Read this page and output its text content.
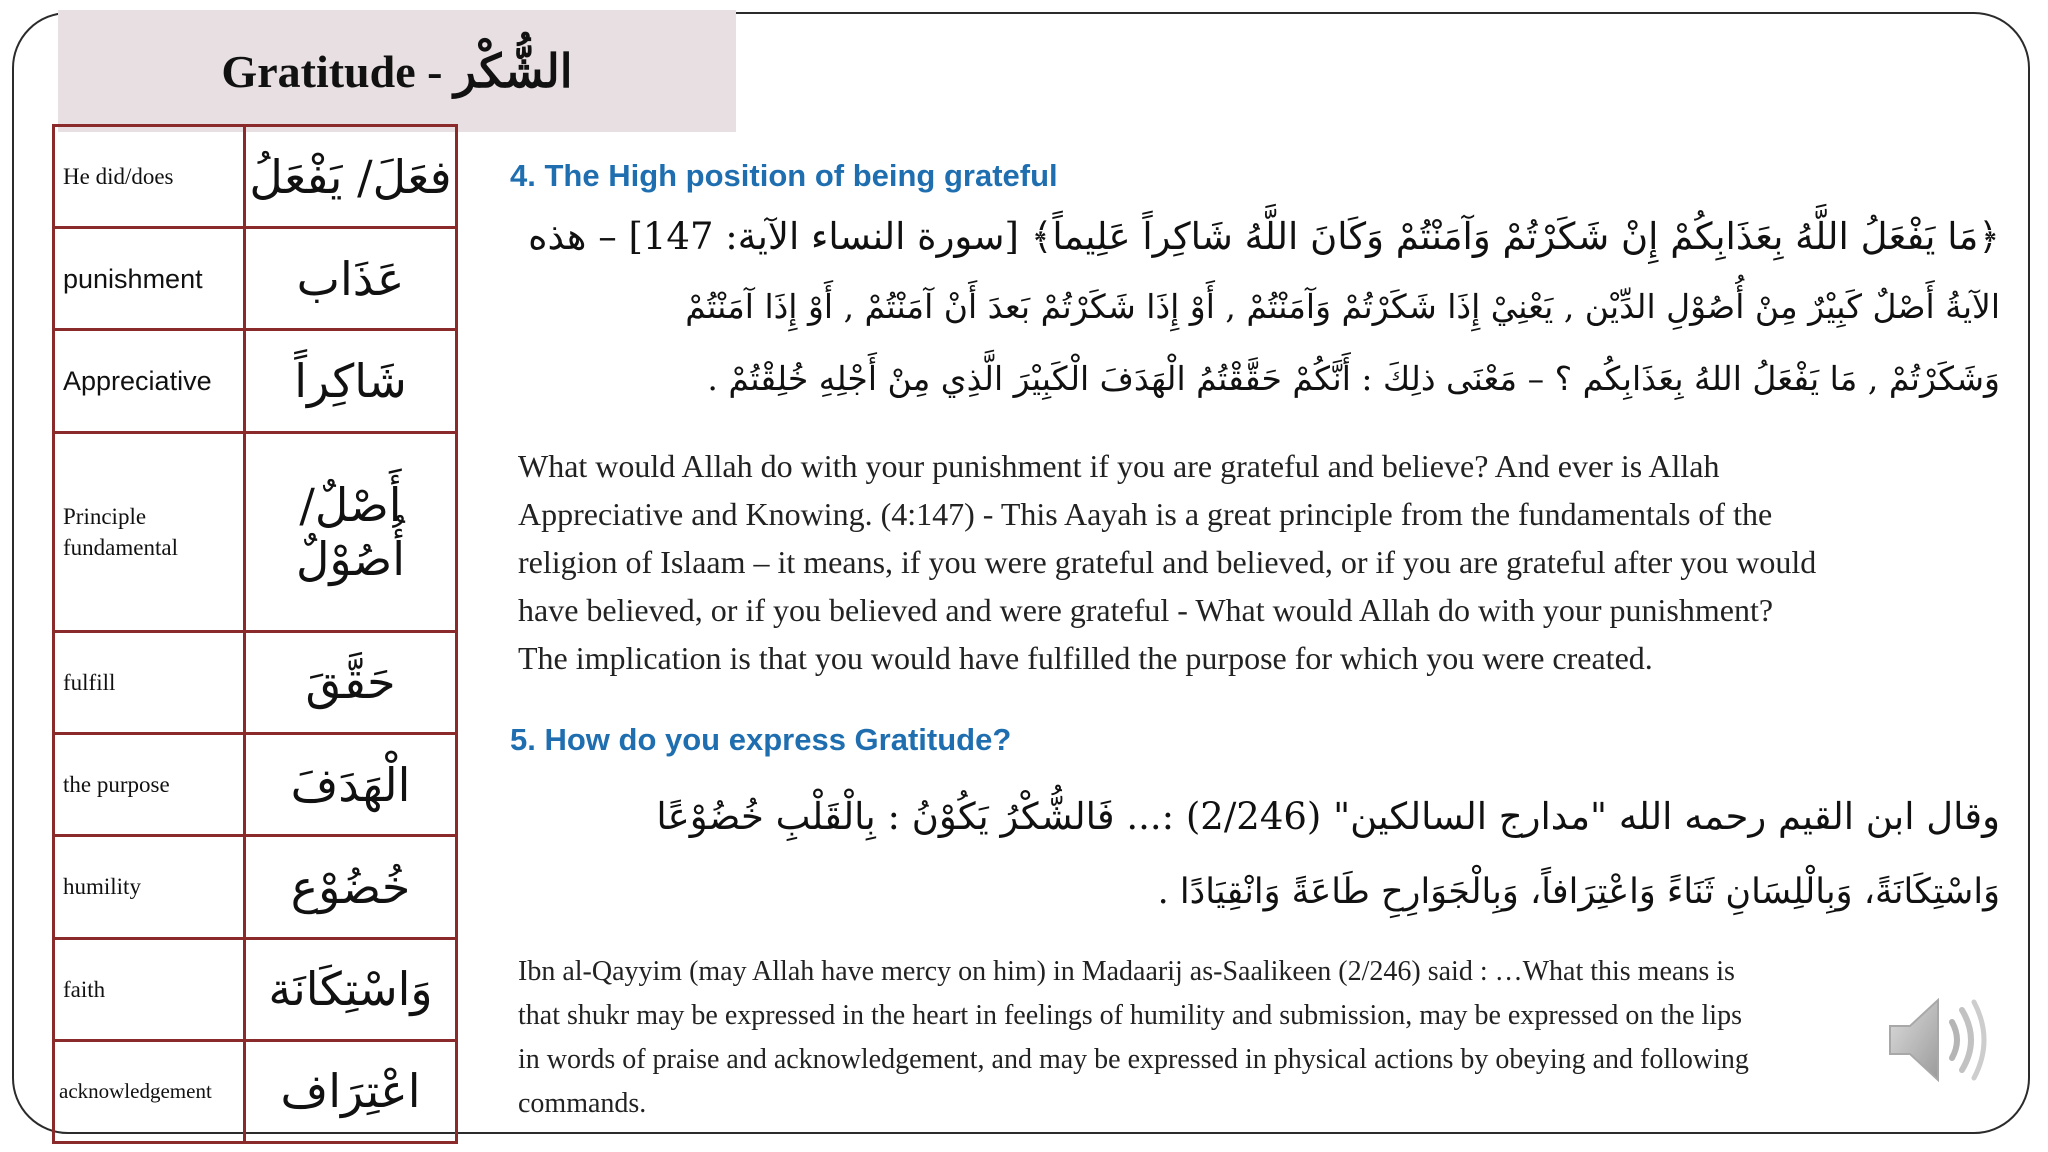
Gratitude - الشُّكْر
He did/does	فعَلَ/ يَفْعَلُ
punishment	عَذَاب
Appreciative	شَاكِراً
Principle fundamental	أَصْلٌ/ أُصُوْلٌ
fulfill	حَقَّقَ
the purpose	الْهَدَفَ
humility	خُضُوْع
faith	وَاسْتِكَانَة
acknowledgement	اعْتِرَاف
4. The High position of being grateful
﴿مَا يَفْعَلُ اللَّهُ بِعَذَابِكُمْ إِنْ شَكَرْتُمْ وَآمَنْتُمْ وَكَانَ اللَّهُ شَاكِراً عَلِيماً﴾ [سورة النساء الآية: 147] – هذه
الآيةُ أَصْلٌ كَبِيْرٌ مِنْ أُصُوْلِ الدِّيْن , يَعْنِيْ إِذَا شَكَرْتُمْ وَآمَنْتُمْ , أَوْ إِذَا شَكَرْتُمْ بَعدَ أَنْ آمَنْتُمْ , أَوْ إِذَا آمَنْتُمْ
وَشَكَرْتُمْ , مَا يَفْعَلُ اللهُ بِعَذَابِكُم ؟ – مَعْنَى ذلِكَ : أَنَّكُمْ حَقَّقْتُمُ الْهَدَفَ الْكَبِيْرَ الَّذِي مِنْ أَجْلِهِ خُلِقْتُمْ .
What would Allah do with your punishment if you are grateful and believe? And ever is Allah
Appreciative and Knowing. (4:147) - This Aayah is a great principle from the fundamentals of the
religion of Islaam – it means, if you were grateful and believed, or if you are grateful after you would
have believed, or if you believed and were grateful - What would Allah do with your punishment?
The implication is that you would have fulfilled the purpose for which you were created.
5. How do you express Gratitude?
وقال ابن القيم رحمه الله "مدارج السالكين" (2/246) :... فَالشُّكْرُ يَكُوْنُ : بِالْقَلْبِ خُضُوْعًا
وَاسْتِكَانَةً، وَبِالْلِسَانِ ثَنَاءً وَاعْتِرَافاً، وَبِالْجَوَارِحِ طَاعَةً وَانْقِيَادًا .
Ibn al-Qayyim (may Allah have mercy on him) in Madaarij as-Saalikeen (2/246) said : …What this means is
that shukr may be expressed in the heart in feelings of humility and submission, may be expressed on the lips
in words of praise and acknowledgement, and may be expressed in physical actions by obeying and following
commands.
